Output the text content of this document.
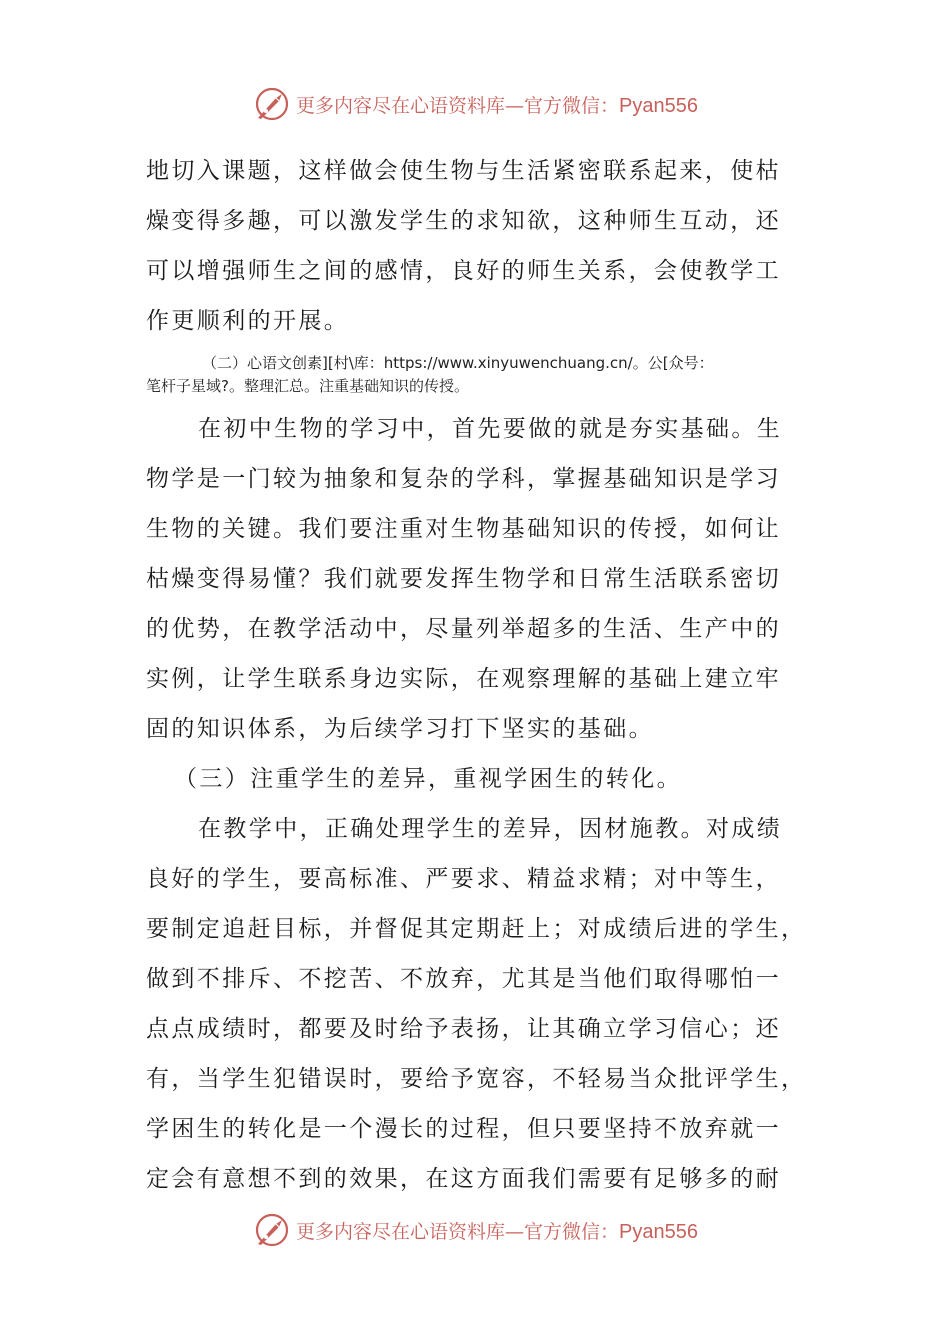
更多内容尽在心语资料库—官方微信：Pyan556
地切入课题，这样做会使生物与生活紧密联系起来，使枯
燥变得多趣，可以激发学生的求知欲，这种师生互动，还
可以增强师生之间的感情，良好的师生关系，会使教学工
作更顺利的开展。
（二）心语文创素][村\库：https://www.xinyuwenchuang.cn/。公[众号：
笔杆子星域?。整理汇总。注重基础知识的传授。
在初中生物的学习中，首先要做的就是夯实基础。生
物学是一门较为抽象和复杂的学科，掌握基础知识是学习
生物的关键。我们要注重对生物基础知识的传授，如何让
枯燥变得易懂？我们就要发挥生物学和日常生活联系密切
的优势，在教学活动中，尽量列举超多的生活、生产中的
实例，让学生联系身边实际，在观察理解的基础上建立牢
固的知识体系，为后续学习打下坚实的基础。
（三）注重学生的差异，重视学困生的转化。
在教学中，正确处理学生的差异，因材施教。对成绩
良好的学生，要高标准、严要求、精益求精；对中等生，
要制定追赶目标，并督促其定期赶上；对成绩后进的学生，
做到不排斥、不挖苦、不放弃，尤其是当他们取得哪怕一
点点成绩时，都要及时给予表扬，让其确立学习信心；还
有，当学生犯错误时，要给予宽容，不轻易当众批评学生，
学困生的转化是一个漫长的过程，但只要坚持不放弃就一
定会有意想不到的效果，在这方面我们需要有足够多的耐
更多内容尽在心语资料库—官方微信：Pyan556
